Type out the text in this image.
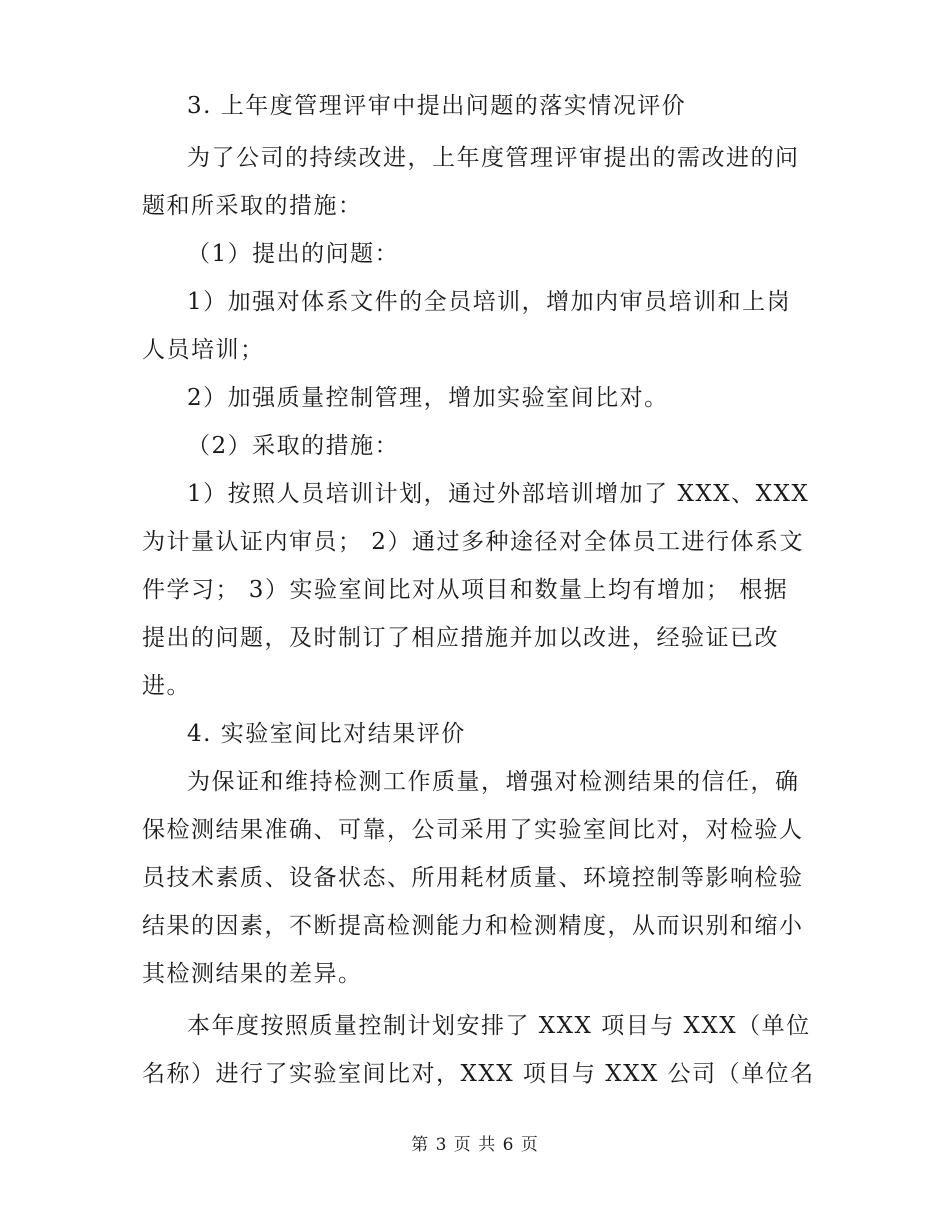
3. 上年度管理评审中提出问题的落实情况评价
为了公司的持续改进，上年度管理评审提出的需改进的问
题和所采取的措施：
（1）提出的问题：
1）加强对体系文件的全员培训，增加内审员培训和上岗
人员培训；
2）加强质量控制管理，增加实验室间比对。
（2）采取的措施：
1）按照人员培训计划，通过外部培训增加了 XXX、XXX
为计量认证内审员； 2）通过多种途径对全体员工进行体系文
件学习； 3）实验室间比对从项目和数量上均有增加； 根据
提出的问题，及时制订了相应措施并加以改进，经验证已改
进。
4. 实验室间比对结果评价
为保证和维持检测工作质量，增强对检测结果的信任，确
保检测结果准确、可靠，公司采用了实验室间比对，对检验人
员技术素质、设备状态、所用耗材质量、环境控制等影响检验
结果的因素，不断提高检测能力和检测精度，从而识别和缩小
其检测结果的差异。
本年度按照质量控制计划安排了 XXX 项目与 XXX（单位
名称）进行了实验室间比对，XXX 项目与 XXX 公司（单位名
第 3 页 共 6 页
